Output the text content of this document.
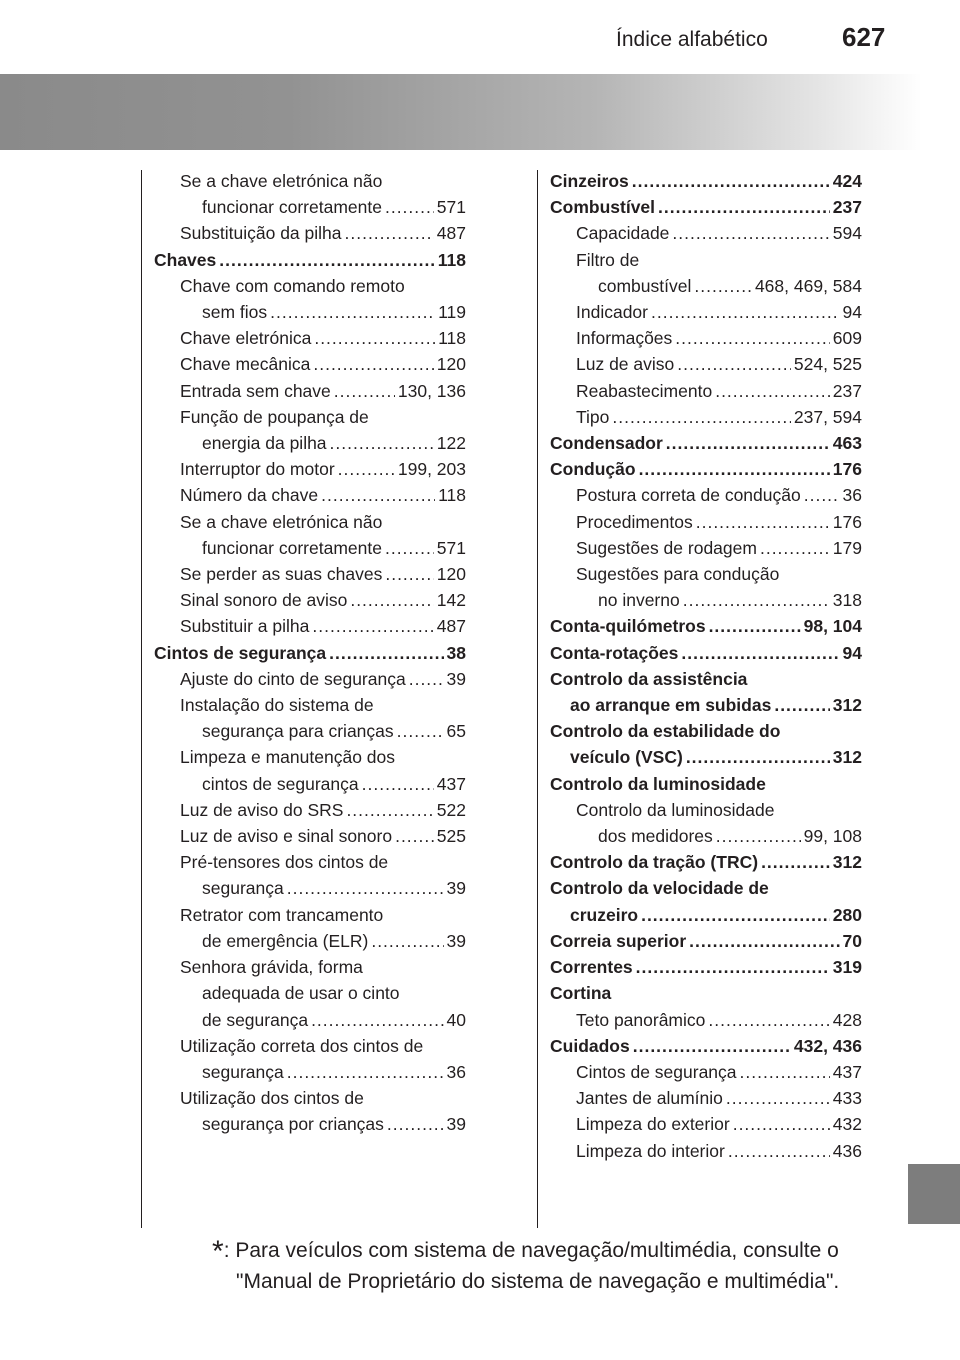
Índice alfabético	627
Se a chave eletrónica não
funcionar corretamente .....	571
Substituição da pilha .....	487
Chaves .....	118
Chave com comando remoto
sem fios .....	119
Chave eletrónica .....	118
Chave mecânica .....	120
Entrada sem chave .....	130, 136
Função de poupança de
energia da pilha .....	122
Interruptor do motor .....	199, 203
Número da chave .....	118
Se a chave eletrónica não
funcionar corretamente .....	571
Se perder as suas chaves .....	120
Sinal sonoro de aviso .....	142
Substituir a pilha .....	487
Cintos de segurança .....	38
Ajuste do cinto de segurança ..... 39
Instalação do sistema de
segurança para crianças .....	65
Limpeza e manutenção dos
cintos de segurança .....	437
Luz de aviso do SRS .....	522
Luz de aviso e sinal sonoro .....	525
Pré-tensores dos cintos de
segurança .....	39
Retrator com trancamento
de emergência (ELR) .....	39
Senhora grávida, forma
adequada de usar o cinto
de segurança .....	40
Utilização correta dos cintos de
segurança .....	36
Utilização dos cintos de
segurança por crianças .....	39
Cinzeiros .....	424
Combustível .....	237
Capacidade .....	594
Filtro de
combustível .....	468, 469, 584
Indicador .....	94
Informações .....	609
Luz de aviso .....	524, 525
Reabastecimento .....	237
Tipo .....	237, 594
Condensador .....	463
Condução .....	176
Postura correta de condução ..... 36
Procedimentos .....	176
Sugestões de rodagem .....	179
Sugestões para condução
no inverno .....	318
Conta-quilómetros .....	98, 104
Conta-rotações .....	94
Controlo da assistência
ao arranque em subidas .....	312
Controlo da estabilidade do
veículo (VSC) .....	312
Controlo da luminosidade
Controlo da luminosidade
dos medidores .....	99, 108
Controlo da tração (TRC) .....	312
Controlo da velocidade de
cruzeiro .....	280
Correia superior .....	70
Correntes .....	319
Cortina
Teto panorâmico .....	428
Cuidados .....	432, 436
Cintos de segurança .....	437
Jantes de alumínio .....	433
Limpeza do exterior .....	432
Limpeza do interior .....	436
*: Para veículos com sistema de navegação/multimédia, consulte o
"Manual de Proprietário do sistema de navegação e multimédia".
